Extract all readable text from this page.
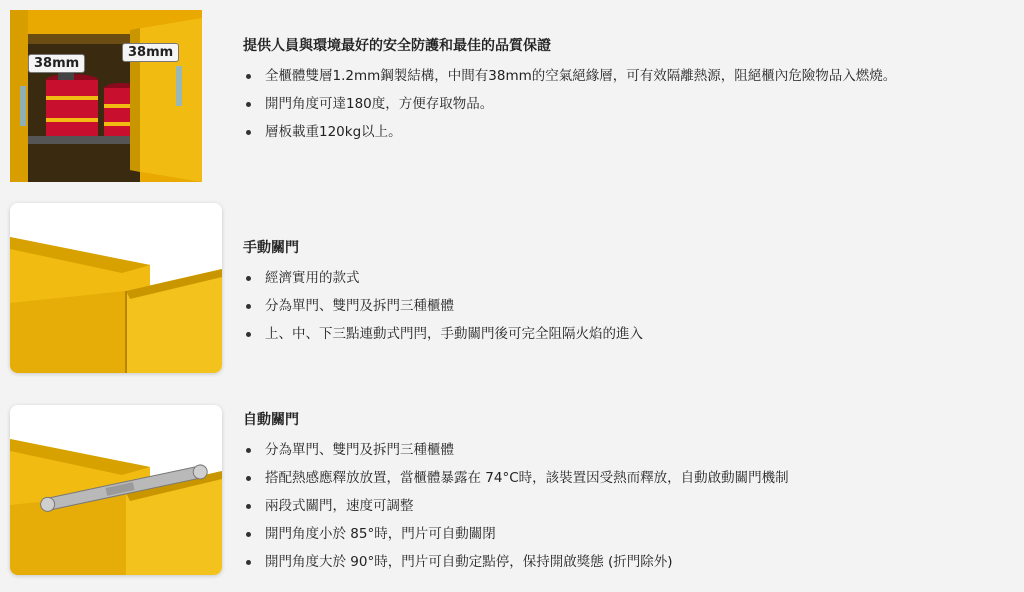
38mm
38mm	提供人員與環境最好的安全防護和最佳的品質保證
全櫃體雙層1.2mm鋼製結構，中間有38mm的空氣絕緣層，可有效隔離熱源，阻絕櫃內危險物品入燃燒。
開門角度可達180度，方便存取物品。
層板載重120kg以上。
手動關門
經濟實用的款式
分為單門、雙門及拆門三種櫃體
上、中、下三點連動式門閂，手動關門後可完全阻隔火焰的進入
自動關門
分為單門、雙門及拆門三種櫃體
搭配熱感應釋放放置，當櫃體暴露在 74°C時，該裝置因受熱而釋放，自動啟動關門機制
兩段式關門，速度可調整
開門角度小於 85°時，門片可自動關閉
開門角度大於 90°時，門片可自動定點停，保持開啟獎態 (折門除外)
